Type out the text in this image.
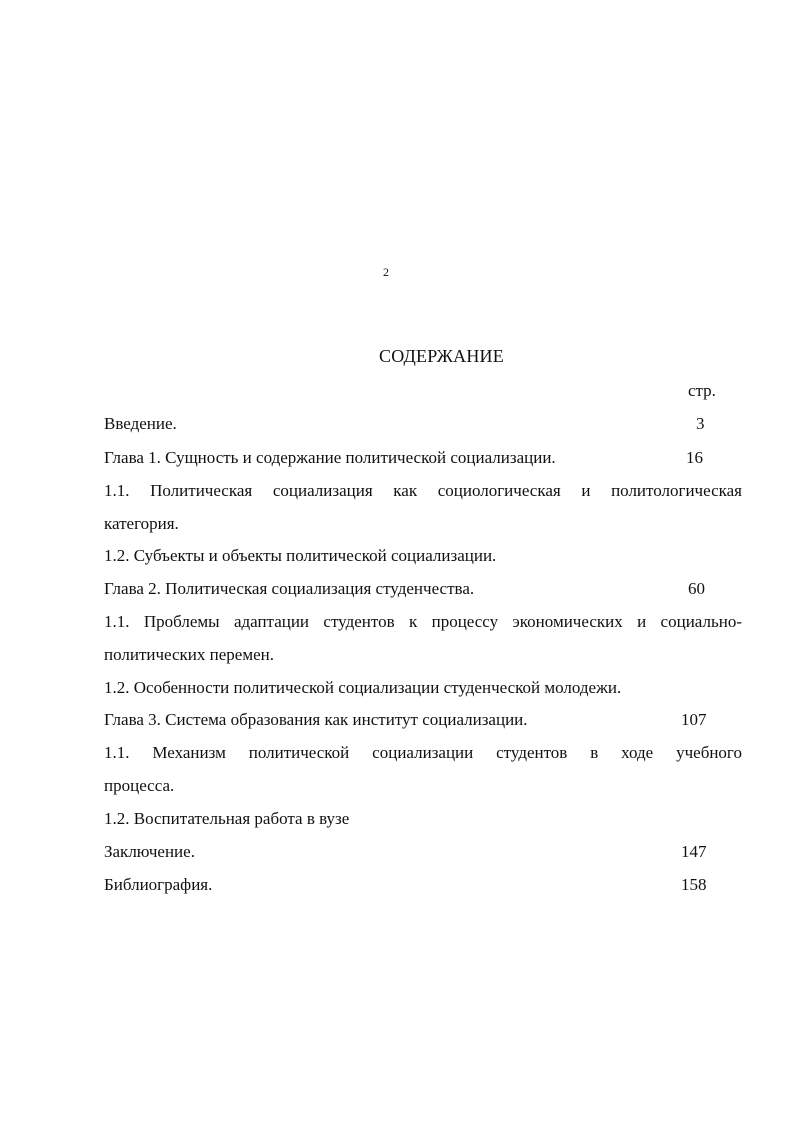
2
СОДЕРЖАНИЕ
стр.
Введение.	3
Глава 1. Сущность и содержание политической социализации.	16
1.1. Политическая социализация как социологическая и политологическая
категория.
1.2. Субъекты и объекты политической социализации.
Глава 2. Политическая социализация студенчества.	60
1.1. Проблемы адаптации студентов к процессу экономических и социально-
политических перемен.
1.2. Особенности политической социализации студенческой молодежи.
Глава 3. Система образования как институт социализации.	107
1.1. Механизм политической социализации студентов в ходе учебного
процесса.
1.2. Воспитательная работа в вузе
Заключение.	147
Библиография.	158
